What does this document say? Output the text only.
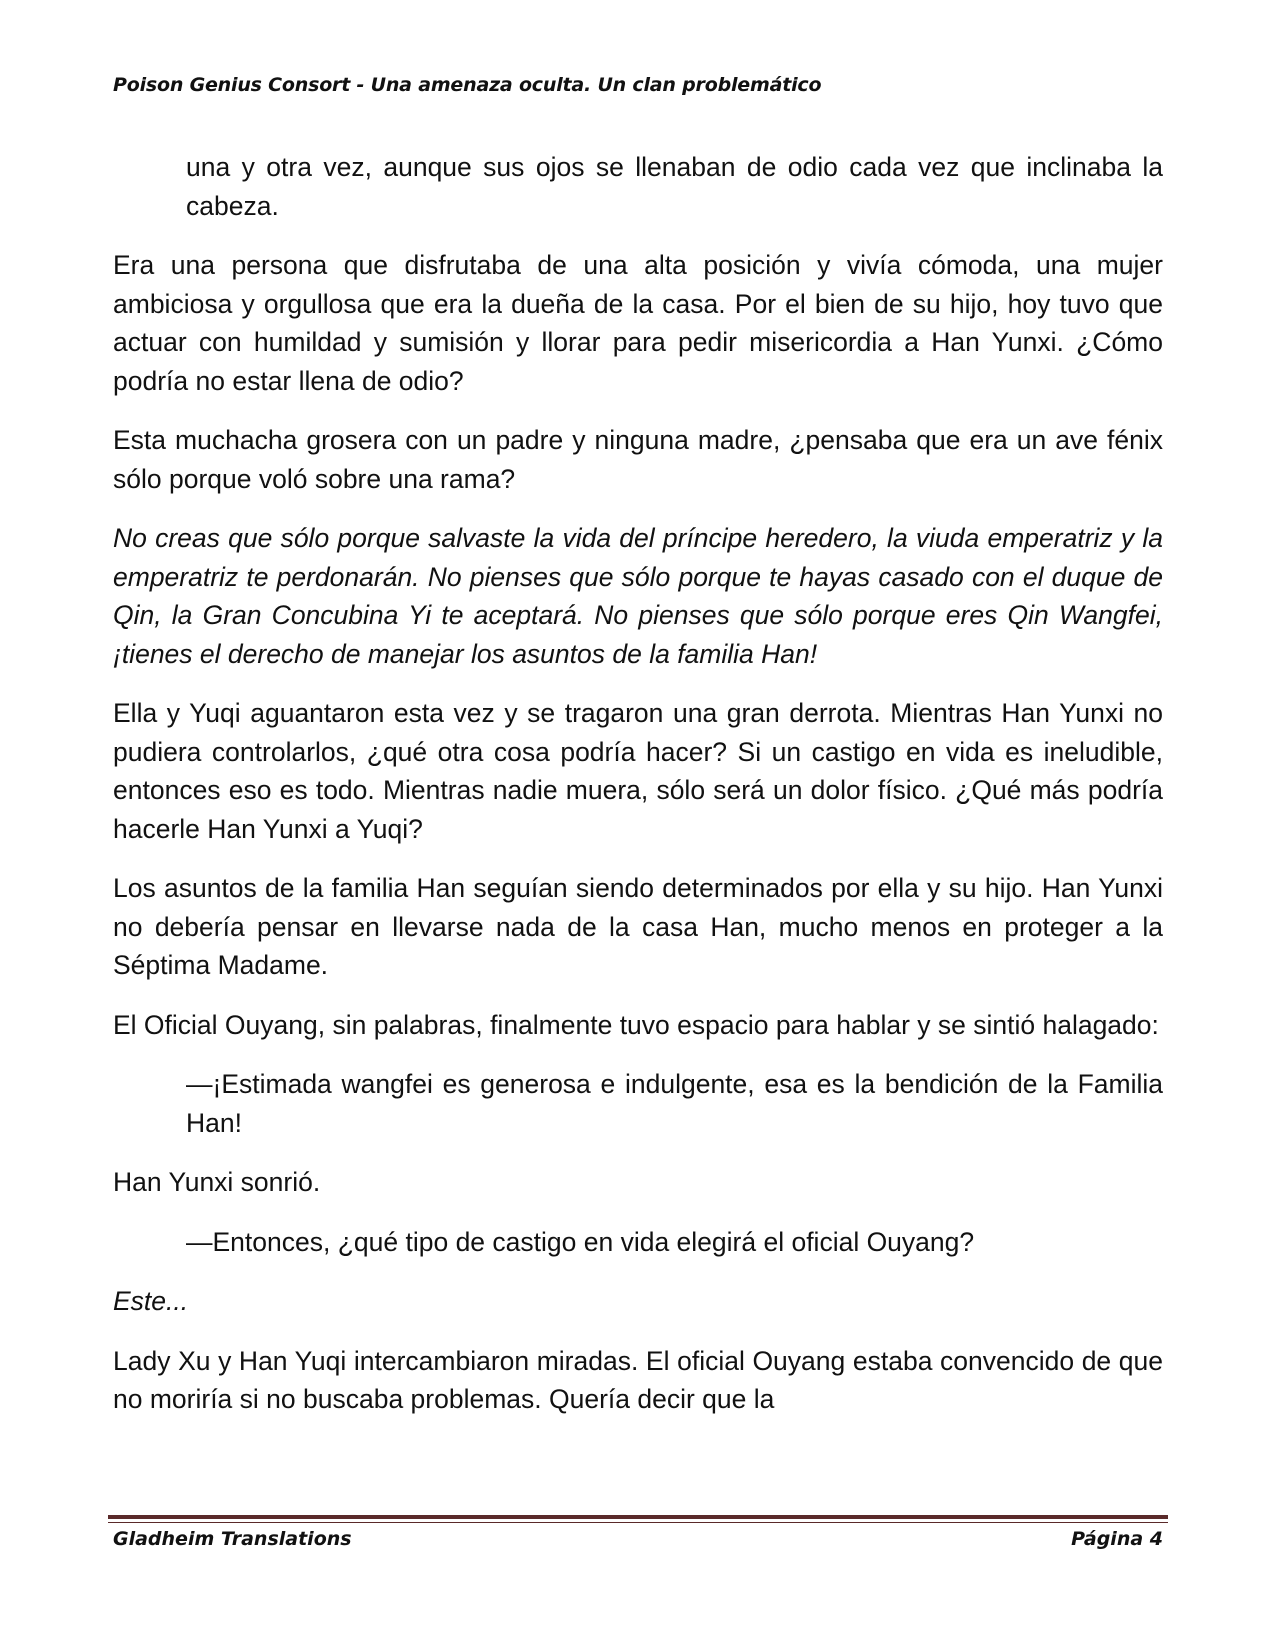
Poison Genius Consort - Una amenaza oculta. Un clan problemático

una y otra vez, aunque sus ojos se llenaban de odio cada vez que inclinaba la cabeza.

Era una persona que disfrutaba de una alta posición y vivía cómoda, una mujer ambiciosa y orgullosa que era la dueña de la casa. Por el bien de su hijo, hoy tuvo que actuar con humildad y sumisión y llorar para pedir misericordia a Han Yunxi. ¿Cómo podría no estar llena de odio?

Esta muchacha grosera con un padre y ninguna madre, ¿pensaba que era un ave fénix sólo porque voló sobre una rama?

No creas que sólo porque salvaste la vida del príncipe heredero, la viuda emperatriz y la emperatriz te perdonarán. No pienses que sólo porque te hayas casado con el duque de Qin, la Gran Concubina Yi te aceptará. No pienses que sólo porque eres Qin Wangfei, ¡tienes el derecho de manejar los asuntos de la familia Han!

Ella y Yuqi aguantaron esta vez y se tragaron una gran derrota. Mientras Han Yunxi no pudiera controlarlos, ¿qué otra cosa podría hacer? Si un castigo en vida es ineludible, entonces eso es todo. Mientras nadie muera, sólo será un dolor físico. ¿Qué más podría hacerle Han Yunxi a Yuqi?

Los asuntos de la familia Han seguían siendo determinados por ella y su hijo. Han Yunxi no debería pensar en llevarse nada de la casa Han, mucho menos en proteger a la Séptima Madame.

El Oficial Ouyang, sin palabras, finalmente tuvo espacio para hablar y se sintió halagado:

—¡Estimada wangfei es generosa e indulgente, esa es la bendición de la Familia Han!

Han Yunxi sonrió.

—Entonces, ¿qué tipo de castigo en vida elegirá el oficial Ouyang?

Este...

Lady Xu y Han Yuqi intercambiaron miradas. El oficial Ouyang estaba convencido de que no moriría si no buscaba problemas. Quería decir que la

Gladheim Translations	Página 4
